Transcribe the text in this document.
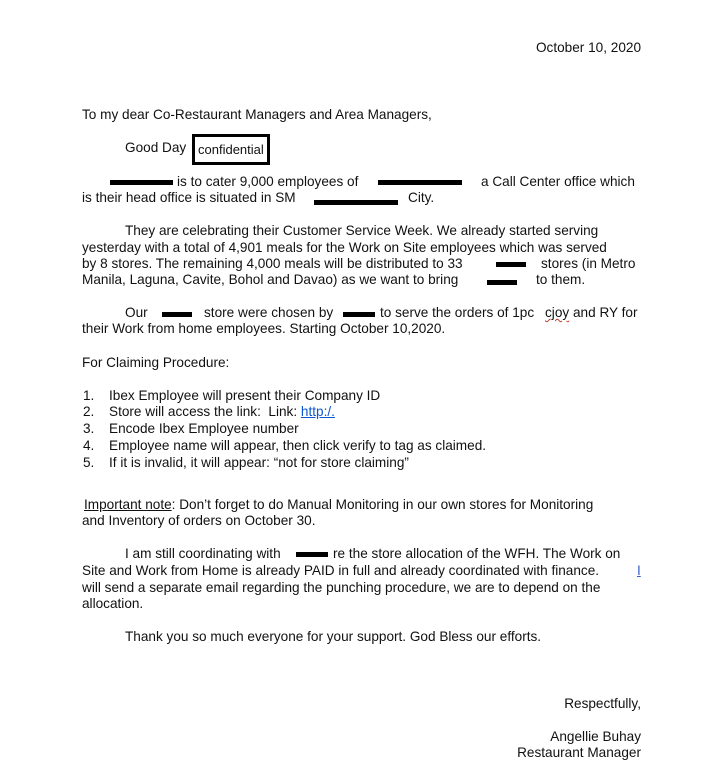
October 10, 2020
To my dear Co-Restaurant Managers and Area Managers,
Good Day confidential
is to cater 9,000 employees of	a Call Center office which
is their head office is situated in SM	City.
They are celebrating their Customer Service Week. We already started serving
yesterday with a total of 4,901 meals for the Work on Site employees which was served
by 8 stores. The remaining 4,000 meals will be distributed to 33	stores (in Metro
Manila, Laguna, Cavite, Bohol and Davao) as we want to bring	to them.
Our	store were chosen by	to serve the orders of 1pc cjoy and RY for
their Work from home employees. Starting October 10,2020.
For Claiming Procedure:
1. Ibex Employee will present their Company ID
2. Store will access the link:  Link: http:/.
3. Encode Ibex Employee number
4. Employee name will appear, then click verify to tag as claimed.
5. If it is invalid, it will appear: “not for store claiming”
Important note: Don’t forget to do Manual Monitoring in our own stores for Monitoring
and Inventory of orders on October 30.
I am still coordinating with	re the store allocation of the WFH. The Work on
Site and Work from Home is already PAID in full and already coordinated with finance.	I
will send a separate email regarding the punching procedure, we are to depend on the
allocation.
Thank you so much everyone for your support. God Bless our efforts.
Respectfully,
Angellie Buhay
Restaurant Manager
